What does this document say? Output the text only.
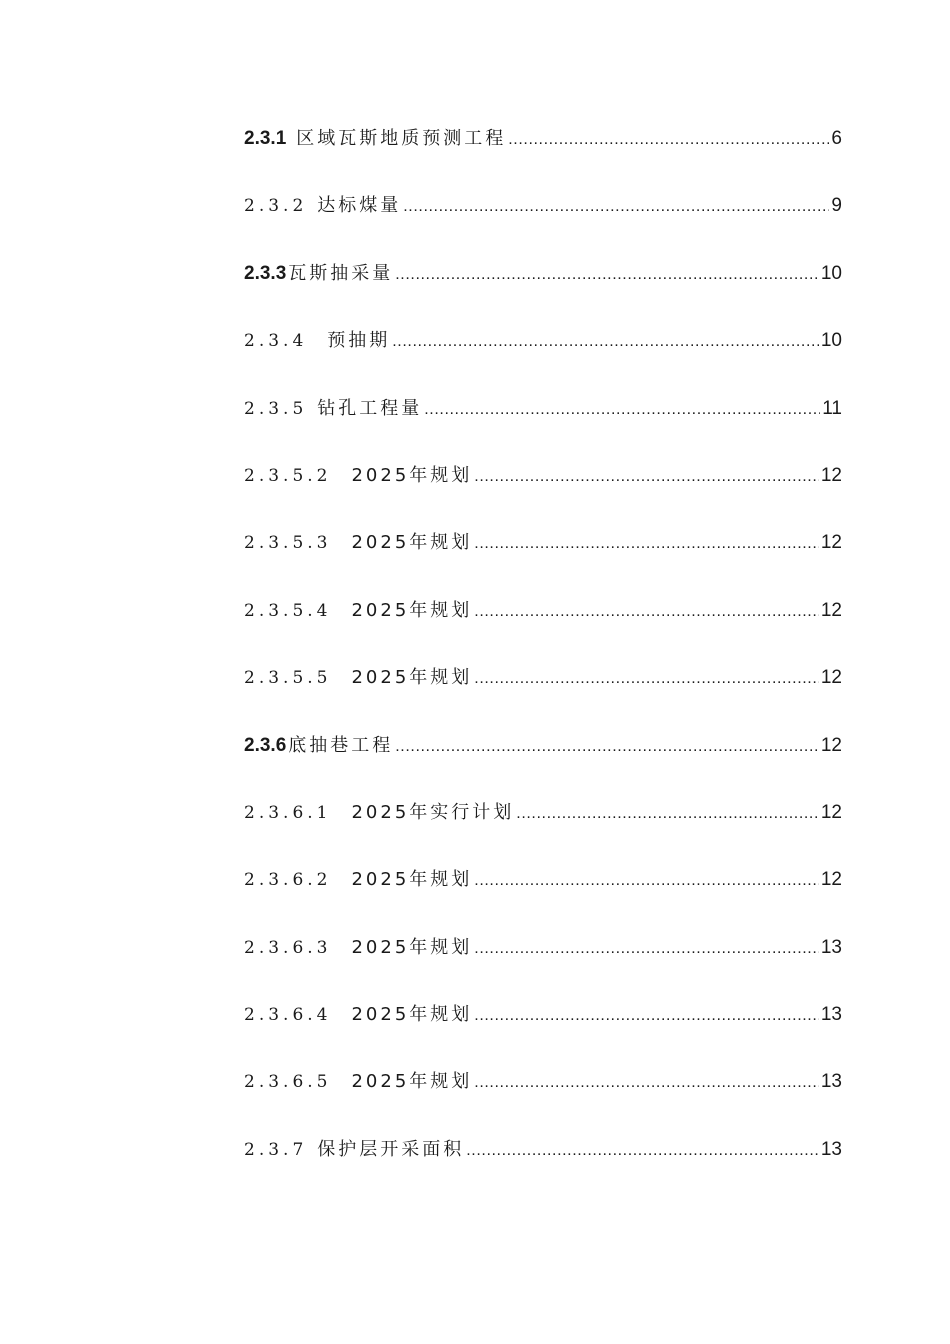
2.3.1 区域瓦斯地质预测工程 .....	6
2.3.2 达标煤量 .....	9
2.3.3 瓦斯抽采量 .....	10
2.3.4 预抽期 .....	10
2.3.5 钻孔工程量 .....	11
2.3.5.2 2025年规划 .....	12
2.3.5.3 2025年规划 .....	12
2.3.5.4 2025年规划 .....	12
2.3.5.5 2025年规划 .....	12
2.3.6 底抽巷工程 .....	12
2.3.6.1 2025年实行计划 .....	12
2.3.6.2 2025年规划 .....	12
2.3.6.3 2025年规划 .....	13
2.3.6.4 2025年规划 .....	13
2.3.6.5 2025年规划 .....	13
2.3.7 保护层开采面积 .....	13
